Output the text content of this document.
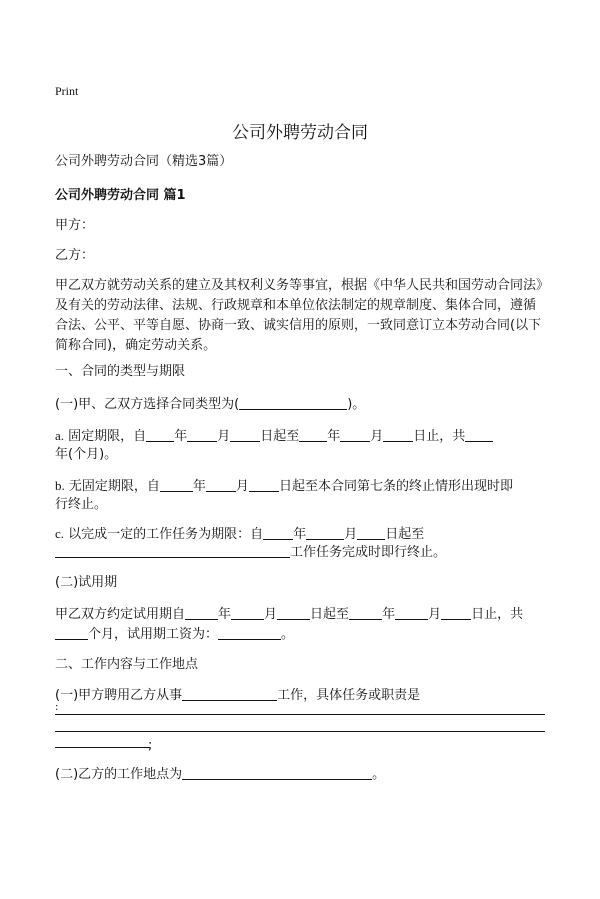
Print
公司外聘劳动合同
公司外聘劳动合同（精选3篇）
公司外聘劳动合同 篇1
甲方：
乙方：
甲乙双方就劳动关系的建立及其权利义务等事宜，根据《中华人民共和国劳动合同法》及有关的劳动法律、法规、行政规章和本单位依法制定的规章制度、集体合同，遵循合法、公平、平等自愿、协商一致、诚实信用的原则，一致同意订立本劳动合同(以下简称合同)，确定劳动关系。
一、合同的类型与期限
(一)甲、乙双方选择合同类型为(	)。
a. 固定期限，自 年 月 日起至 年 月 日止，共
年(个月)。
b. 无固定期限，自	年 月 日起至本合同第七条的终止情形出现时即
行终止。
c. 以完成一定的工作任务为期限：自 年	月 日起至
工作任务完成时即行终止。
(二)试用期
甲乙双方约定试用期自	年	月	日起至	年	月 日止，共
个月，试用期工资为：	。
二、工作内容与工作地点
(一)甲方聘用乙方从事	工作，具体任务或职责是
:
;
(二)乙方的工作地点为	。
